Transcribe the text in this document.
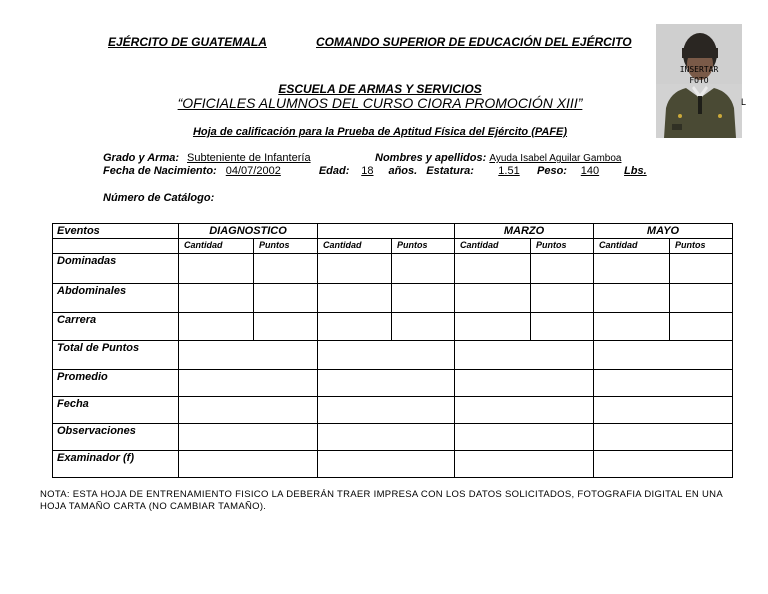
EJÉRCITO DE GUATEMALA	COMANDO SUPERIOR DE EDUCACIÓN DEL EJÉRCITO
INSERTAR
FOTO
L
ESCUELA DE ARMAS Y SERVICIOS
“OFICIALES ALUMNOS DEL CURSO CIORA PROMOCIÓN XIII”
Hoja de calificación para la Prueba de Aptitud Física del Ejército (PAFE)
Grado y Arma: Subteniente de Infantería	Nombres y apellidos: Ayuda Isabel Aguilar Gamboa
Fecha de Nacimiento: 04/07/2002	Edad: 18 años. Estatura: 1.51 Peso: 140 Lbs.
Número de Catálogo:
Eventos	DIAGNOSTICO				MARZO		MAYO	
	Cantidad	Puntos	Cantidad	Puntos	Cantidad	Puntos	Cantidad	Puntos
Dominadas								
Abdominales								
Carrera								
Total de Puntos								
Promedio								
Fecha								
Observaciones								
Examinador (f)								
NOTA: ESTA HOJA DE ENTRENAMIENTO FISICO LA DEBERÁN TRAER IMPRESA CON LOS DATOS SOLICITADOS, FOTOGRAFIA DIGITAL EN UNA HOJA TAMAÑO CARTA (NO CAMBIAR TAMAÑO).
